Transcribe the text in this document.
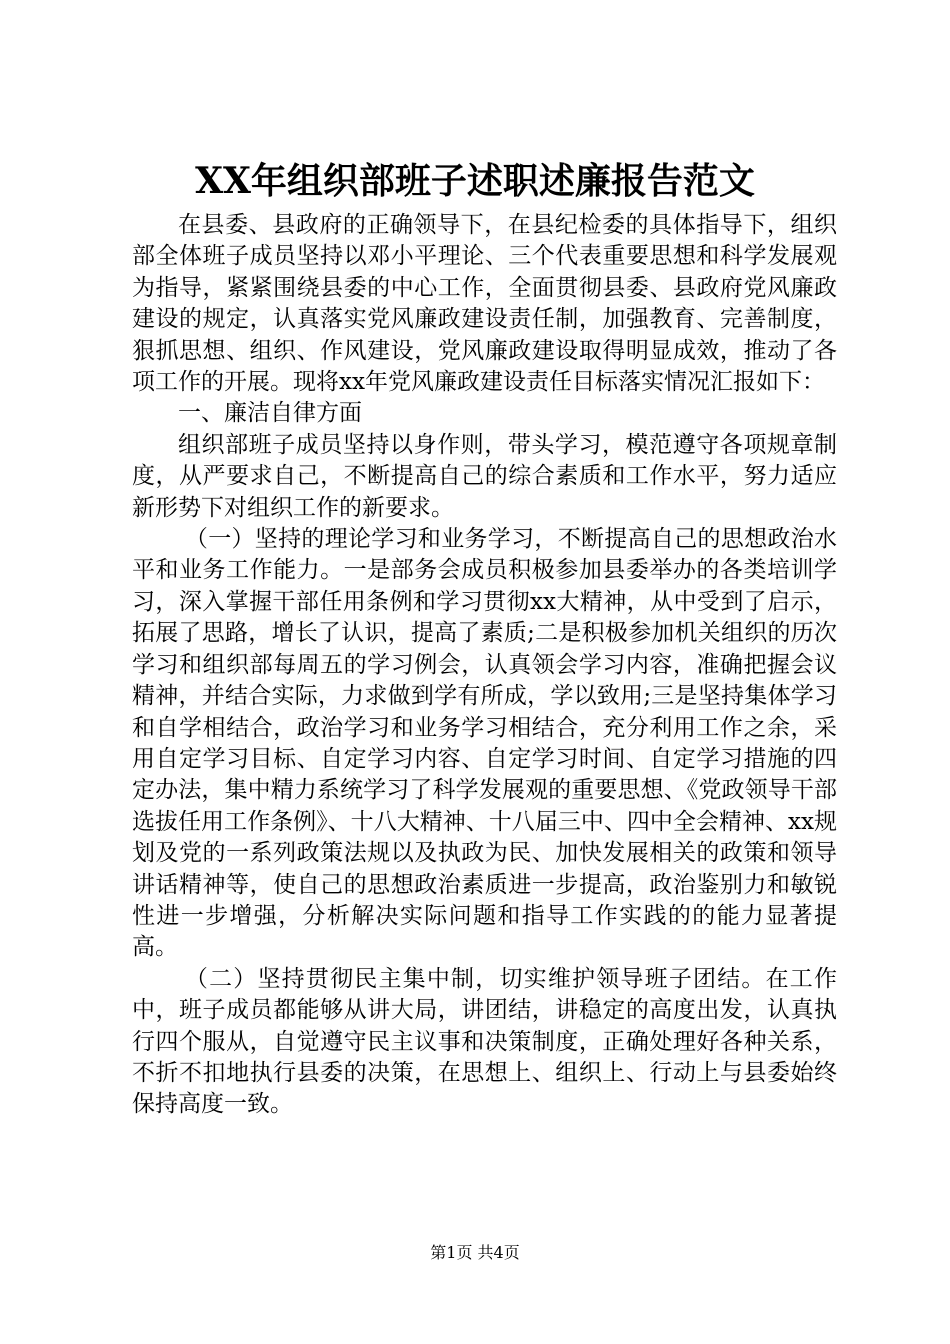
XX年组织部班子述职述廉报告范文

在县委、县政府的正确领导下，在县纪检委的具体指导下，组织部全体班子成员坚持以邓小平理论、三个代表重要思想和科学发展观为指导，紧紧围绕县委的中心工作，全面贯彻县委、县政府党风廉政建设的规定，认真落实党风廉政建设责任制，加强教育、完善制度，狠抓思想、组织、作风建设，党风廉政建设取得明显成效，推动了各项工作的开展。现将xx年党风廉政建设责任目标落实情况汇报如下：

一、廉洁自律方面

组织部班子成员坚持以身作则，带头学习，模范遵守各项规章制度，从严要求自己，不断提高自己的综合素质和工作水平，努力适应新形势下对组织工作的新要求。

（一）坚持的理论学习和业务学习，不断提高自己的思想政治水平和业务工作能力。一是部务会成员积极参加县委举办的各类培训学习，深入掌握干部任用条例和学习贯彻xx大精神，从中受到了启示，拓展了思路，增长了认识，提高了素质;二是积极参加机关组织的历次学习和组织部每周五的学习例会，认真领会学习内容，准确把握会议精神，并结合实际，力求做到学有所成，学以致用;三是坚持集体学习和自学相结合，政治学习和业务学习相结合，充分利用工作之余，采用自定学习目标、自定学习内容、自定学习时间、自定学习措施的四定办法，集中精力系统学习了科学发展观的重要思想、《党政领导干部选拔任用工作条例》、十八大精神、十八届三中、四中全会精神、xx规划及党的一系列政策法规以及执政为民、加快发展相关的政策和领导讲话精神等，使自己的思想政治素质进一步提高，政治鉴别力和敏锐性进一步增强，分析解决实际问题和指导工作实践的的能力显著提高。

（二）坚持贯彻民主集中制，切实维护领导班子团结。在工作中，班子成员都能够从讲大局，讲团结，讲稳定的高度出发，认真执行四个服从，自觉遵守民主议事和决策制度，正确处理好各种关系，不折不扣地执行县委的决策，在思想上、组织上、行动上与县委始终保持高度一致。

第1页 共4页
